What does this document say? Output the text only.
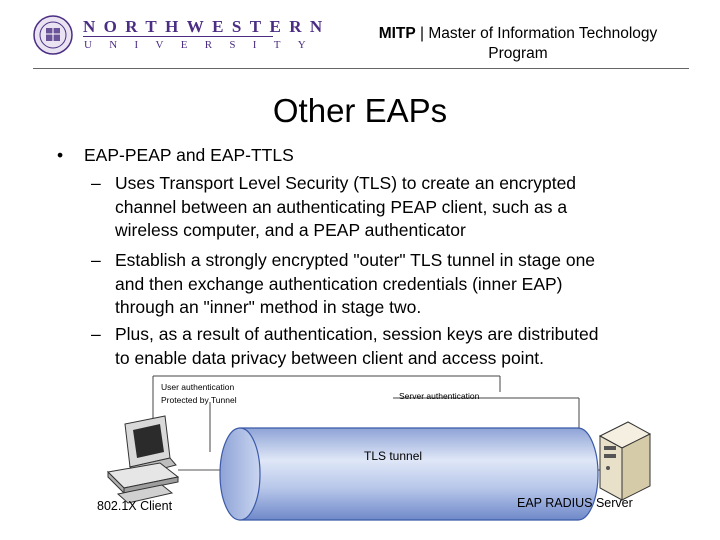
NORTHWESTERN
UNIVERSITY
MITP | Master of Information Technology
Program
Other EAPs
• EAP-PEAP and EAP-TTLS
– Uses Transport Level Security (TLS) to create an encrypted
channel between an authenticating PEAP client, such as a
wireless computer, and a PEAP authenticator
– Establish a strongly encrypted "outer" TLS tunnel in stage one
and then exchange authentication credentials (inner EAP)
through an "inner" method in stage two.
– Plus, as a result of authentication, session keys are distributed
to enable data privacy between client and access point.
User authentication
Protected by Tunnel	Server authentication
TLS tunnel
802.1X Client	EAP RADIUS Server
